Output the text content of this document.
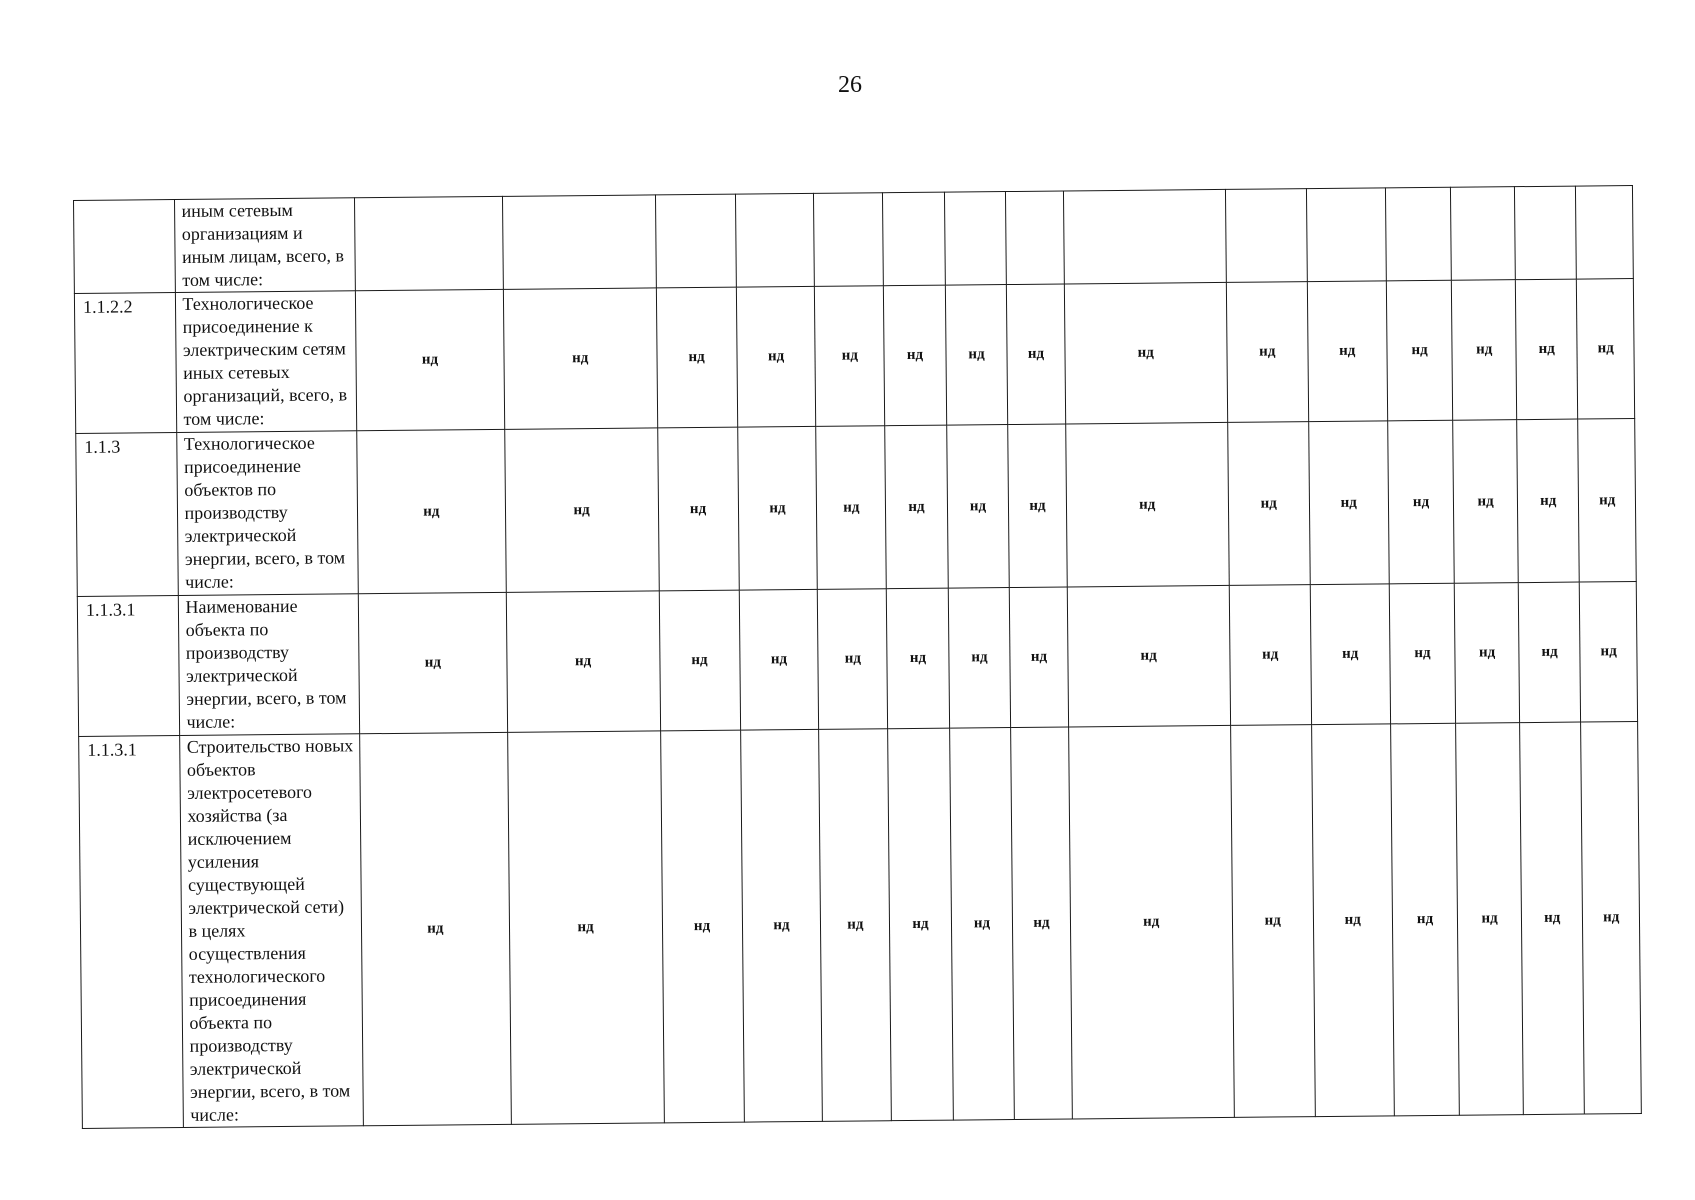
26
	иным сетевым организациям и иным лицам, всего, в том числе:															
1.1.2.2	Технологическое присоединение к электрическим сетям иных сетевых организаций, всего, в том числе:	нд	нд	нд	нд	нд	нд	нд	нд	нд	нд	нд	нд	нд	нд	нд
1.1.3	Технологическое присоединение объектов по производству электрической энергии, всего, в том числе:	нд	нд	нд	нд	нд	нд	нд	нд	нд	нд	нд	нд	нд	нд	нд
1.1.3.1	Наименование объекта по производству электрической энергии, всего, в том числе:	нд	нд	нд	нд	нд	нд	нд	нд	нд	нд	нд	нд	нд	нд	нд
1.1.3.1	Строительство новых объектов электросетевого хозяйства (за исключением усиления существующей электрической сети) в целях осуществления технологического присоединения объекта по производству электрической энергии, всего, в том числе:	нд	нд	нд	нд	нд	нд	нд	нд	нд	нд	нд	нд	нд	нд	нд
